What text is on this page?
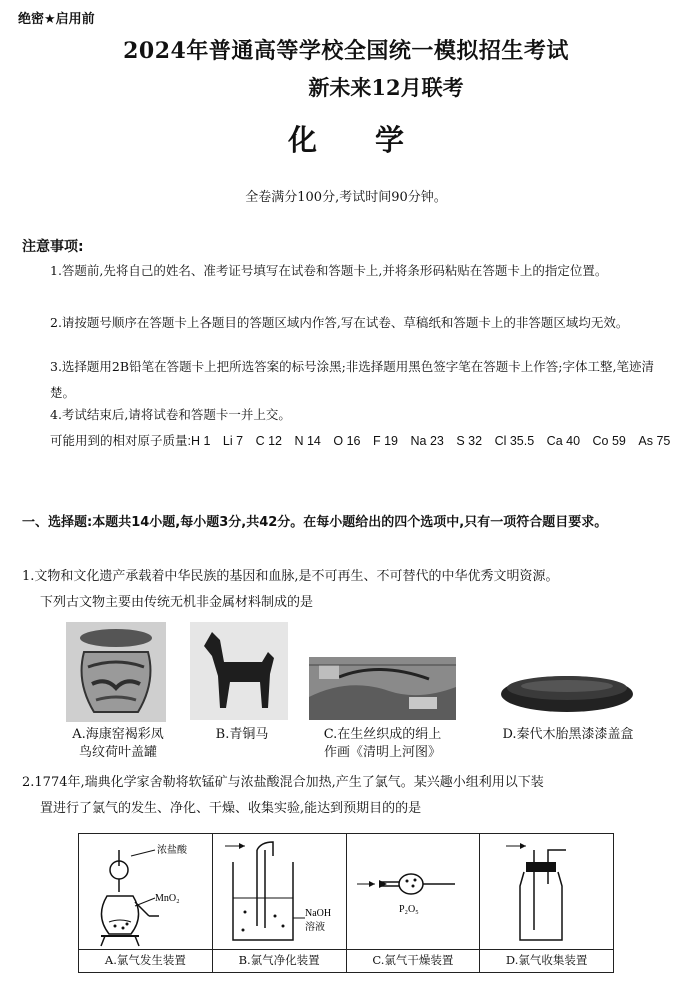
绝密★启用前
2024年普通高等学校全国统一模拟招生考试
新未来12月联考
化　　学
全卷满分100分,考试时间90分钟。
注意事项:
1.答题前,先将自己的姓名、准考证号填写在试卷和答题卡上,并将条形码粘贴在答题卡上的指定位置。
2.请按题号顺序在答题卡上各题目的答题区域内作答,写在试卷、草稿纸和答题卡上的非答题区域均无效。
3.选择题用2B铅笔在答题卡上把所选答案的标号涂黑;非选择题用黑色签字笔在答题卡上作答;字体工整,笔迹清楚。
4.考试结束后,请将试卷和答题卡一并上交。
可能用到的相对原子质量:H 1　Li 7　C 12　N 14　O 16　F 19　Na 23　S 32　Cl 35.5　Ca 40　Co 59　As 75
一、选择题:本题共14小题,每小题3分,共42分。在每小题给出的四个选项中,只有一项符合题目要求。
1.文物和文化遗产承载着中华民族的基因和血脉,是不可再生、不可替代的中华优秀文明资源。
下列古文物主要由传统无机非金属材料制成的是
A.海康窑褐彩凤
鸟纹荷叶盖罐
B.青铜马	C.在生丝织成的绢上
作画《清明上河图》
D.秦代木胎黑漆漆盖盒
2.1774年,瑞典化学家舍勒将软锰矿与浓盐酸混合加热,产生了氯气。某兴趣小组利用以下装
置进行了氯气的发生、净化、干燥、收集实验,能达到预期目的的是
浓盐酸
MnO₂
A.氯气发生装置
NaOH
溶液
B.氯气净化装置
P₂O₅
C.氯气干燥装置	D.氯气收集装置
